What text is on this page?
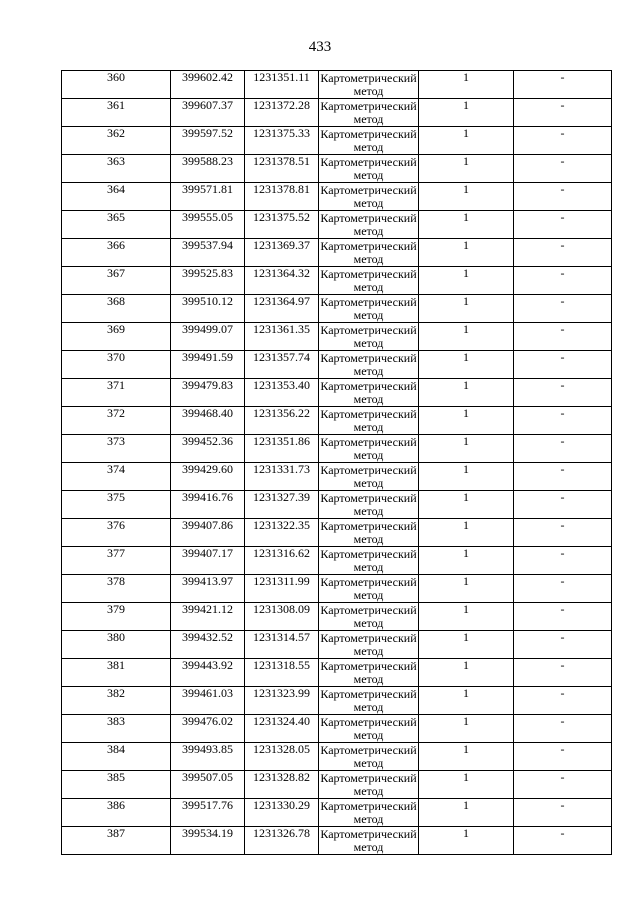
433
360	399602.42	1231351.11	Картометрический метод	1	-
361	399607.37	1231372.28	Картометрический метод	1	-
362	399597.52	1231375.33	Картометрический метод	1	-
363	399588.23	1231378.51	Картометрический метод	1	-
364	399571.81	1231378.81	Картометрический метод	1	-
365	399555.05	1231375.52	Картометрический метод	1	-
366	399537.94	1231369.37	Картометрический метод	1	-
367	399525.83	1231364.32	Картометрический метод	1	-
368	399510.12	1231364.97	Картометрический метод	1	-
369	399499.07	1231361.35	Картометрический метод	1	-
370	399491.59	1231357.74	Картометрический метод	1	-
371	399479.83	1231353.40	Картометрический метод	1	-
372	399468.40	1231356.22	Картометрический метод	1	-
373	399452.36	1231351.86	Картометрический метод	1	-
374	399429.60	1231331.73	Картометрический метод	1	-
375	399416.76	1231327.39	Картометрический метод	1	-
376	399407.86	1231322.35	Картометрический метод	1	-
377	399407.17	1231316.62	Картометрический метод	1	-
378	399413.97	1231311.99	Картометрический метод	1	-
379	399421.12	1231308.09	Картометрический метод	1	-
380	399432.52	1231314.57	Картометрический метод	1	-
381	399443.92	1231318.55	Картометрический метод	1	-
382	399461.03	1231323.99	Картометрический метод	1	-
383	399476.02	1231324.40	Картометрический метод	1	-
384	399493.85	1231328.05	Картометрический метод	1	-
385	399507.05	1231328.82	Картометрический метод	1	-
386	399517.76	1231330.29	Картометрический метод	1	-
387	399534.19	1231326.78	Картометрический метод	1	-
